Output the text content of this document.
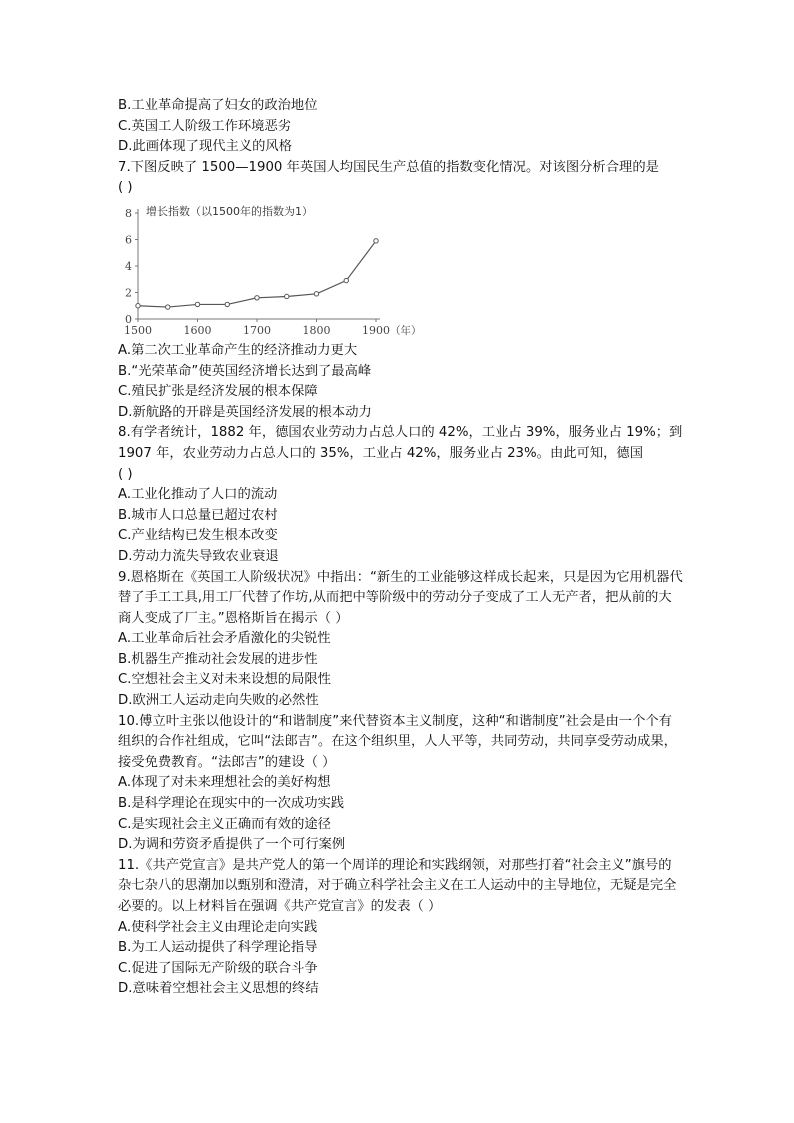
B.工业革命提高了妇女的政治地位
C.英国工人阶级工作环境恶劣
D.此画体现了现代主义的风格
7.下图反映了 1500—1900 年英国人均国民生产总值的指数变化情况。对该图分析合理的是
( )
0
2
4
6
8
1500	1600	1700	1800	1900 （年）
增长指数（以1500年的指数为1）
A.第二次工业革命产生的经济推动力更大
B.“光荣革命”使英国经济增长达到了最高峰
C.殖民扩张是经济发展的根本保障
D.新航路的开辟是英国经济发展的根本动力
8.有学者统计，1882 年，德国农业劳动力占总人口的 42%，工业占 39%，服务业占 19%；到 1907 年，农业劳动力占总人口的 35%，工业占 42%，服务业占 23%。由此可知，德国
( )
A.工业化推动了人口的流动
B.城市人口总量已超过农村
C.产业结构已发生根本改变
D.劳动力流失导致农业衰退
9.恩格斯在《英国工人阶级状况》中指出：“新生的工业能够这样成长起来，只是因为它用机器代替了手工工具,用工厂代替了作坊,从而把中等阶级中的劳动分子变成了工人无产者，把从前的大商人变成了厂主。”恩格斯旨在揭示（ ）
A.工业革命后社会矛盾激化的尖锐性
B.机器生产推动社会发展的进步性
C.空想社会主义对未来设想的局限性
D.欧洲工人运动走向失败的必然性
10.傅立叶主张以他设计的“和谐制度”来代替资本主义制度，这种“和谐制度”社会是由一个个有组织的合作社组成，它叫“法郎吉”。在这个组织里，人人平等，共同劳动，共同享受劳动成果，接受免费教育。“法郎吉”的建设（ ）
A.体现了对未来理想社会的美好构想
B.是科学理论在现实中的一次成功实践
C.是实现社会主义正确而有效的途径
D.为调和劳资矛盾提供了一个可行案例
11.《共产党宣言》是共产党人的第一个周详的理论和实践纲领，对那些打着“社会主义”旗号的杂七杂八的思潮加以甄别和澄清，对于确立科学社会主义在工人运动中的主导地位，无疑是完全必要的。以上材料旨在强调《共产党宣言》的发表（ ）
A.使科学社会主义由理论走向实践
B.为工人运动提供了科学理论指导
C.促进了国际无产阶级的联合斗争
D.意味着空想社会主义思想的终结
